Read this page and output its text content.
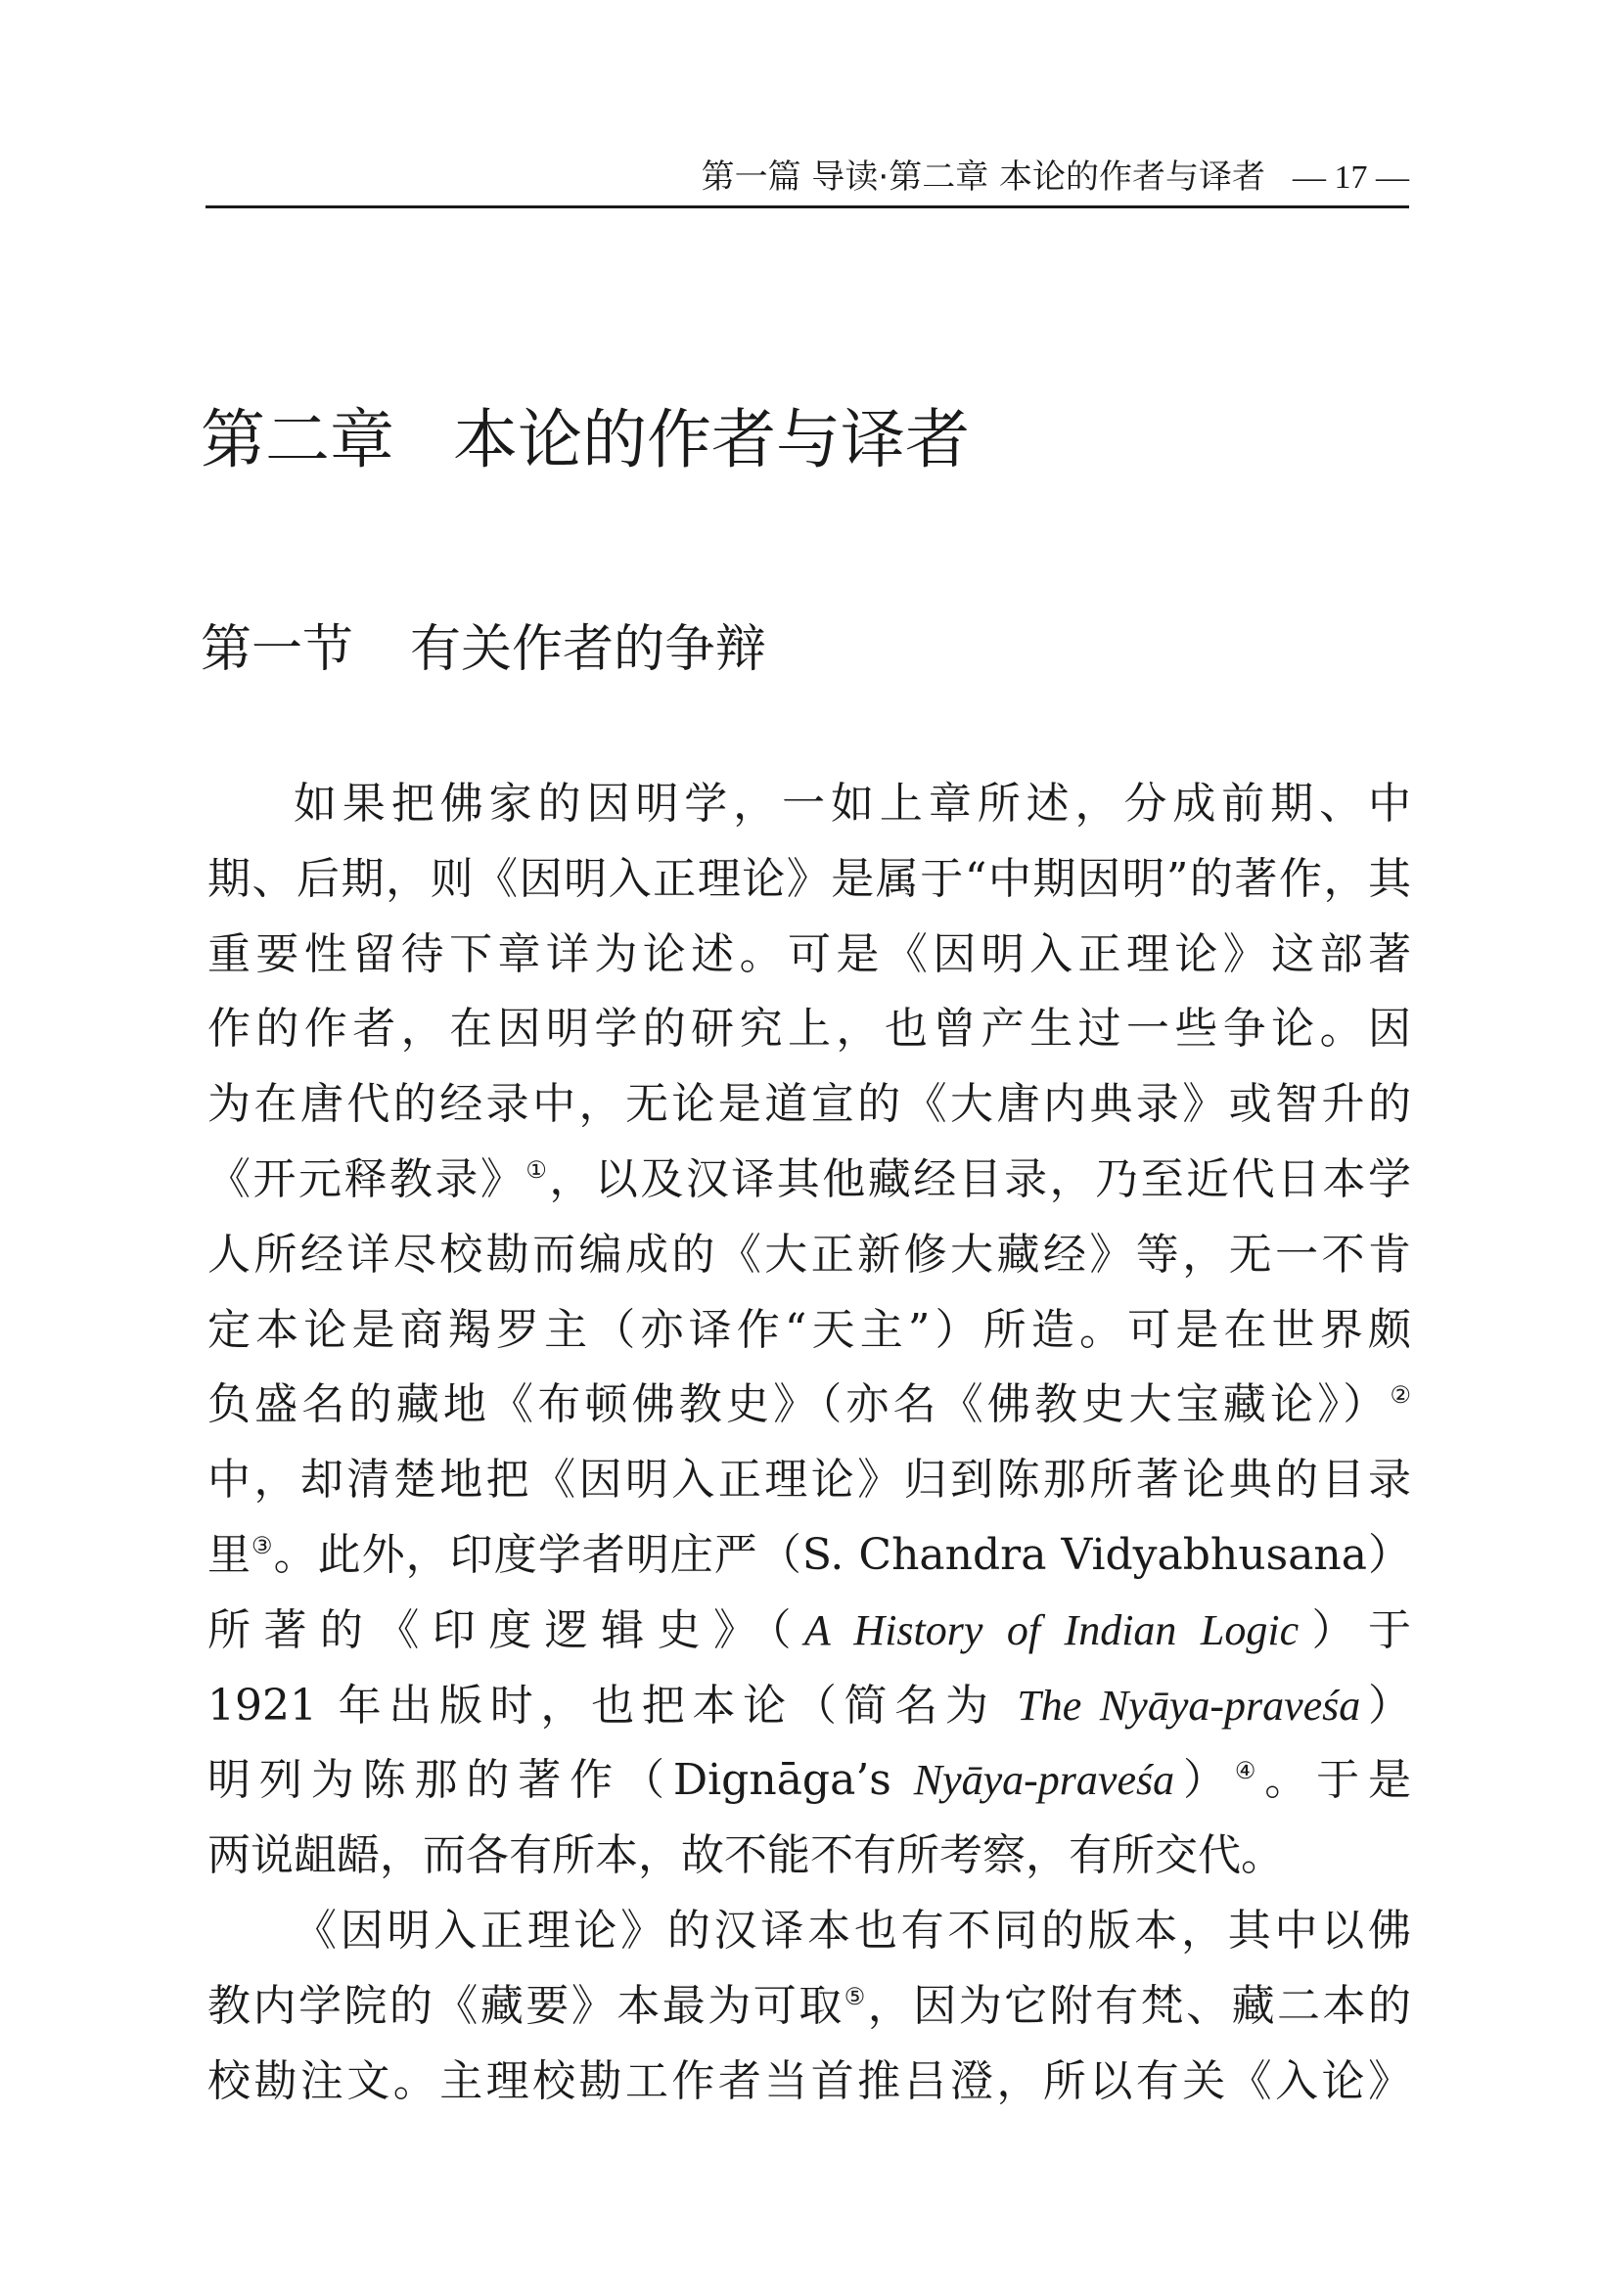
第一篇 导读·第二章 本论的作者与译者 — 17 —
第二章 本论的作者与译者
第一节 有关作者的争辩
如果把佛家的因明学，一如上章所述，分成前期、中
期、后期，则《因明入正理论》是属于“中期因明”的著作，其
重要性留待下章详为论述。可是《因明入正理论》这部著
作的作者，在因明学的研究上，也曾产生过一些争论。因
为在唐代的经录中，无论是道宣的《大唐内典录》或智升的
《开元释教录》①，以及汉译其他藏经目录，乃至近代日本学
人所经详尽校勘而编成的《大正新修大藏经》等，无一不肯
定本论是商羯罗主（亦译作“天主”）所造。可是在世界颇
负盛名的藏地《布顿佛教史》（亦名《佛教史大宝藏论》）②
中，却清楚地把《因明入正理论》归到陈那所著论典的目录
里③。此外，印度学者明庄严（S. Chandra Vidyabhusana）
所著的《印度逻辑史》（A History of Indian Logic）于
1921 年出版时，也把本论（简名为 The Nyāya-praveśa）
明列为陈那的著作（Dignāga’s Nyāya-praveśa）④。于是
两说龃龉，而各有所本，故不能不有所考察，有所交代。
《因明入正理论》的汉译本也有不同的版本，其中以佛
教内学院的《藏要》本最为可取⑤，因为它附有梵、藏二本的
校勘注文。主理校勘工作者当首推吕澄，所以有关《入论》
